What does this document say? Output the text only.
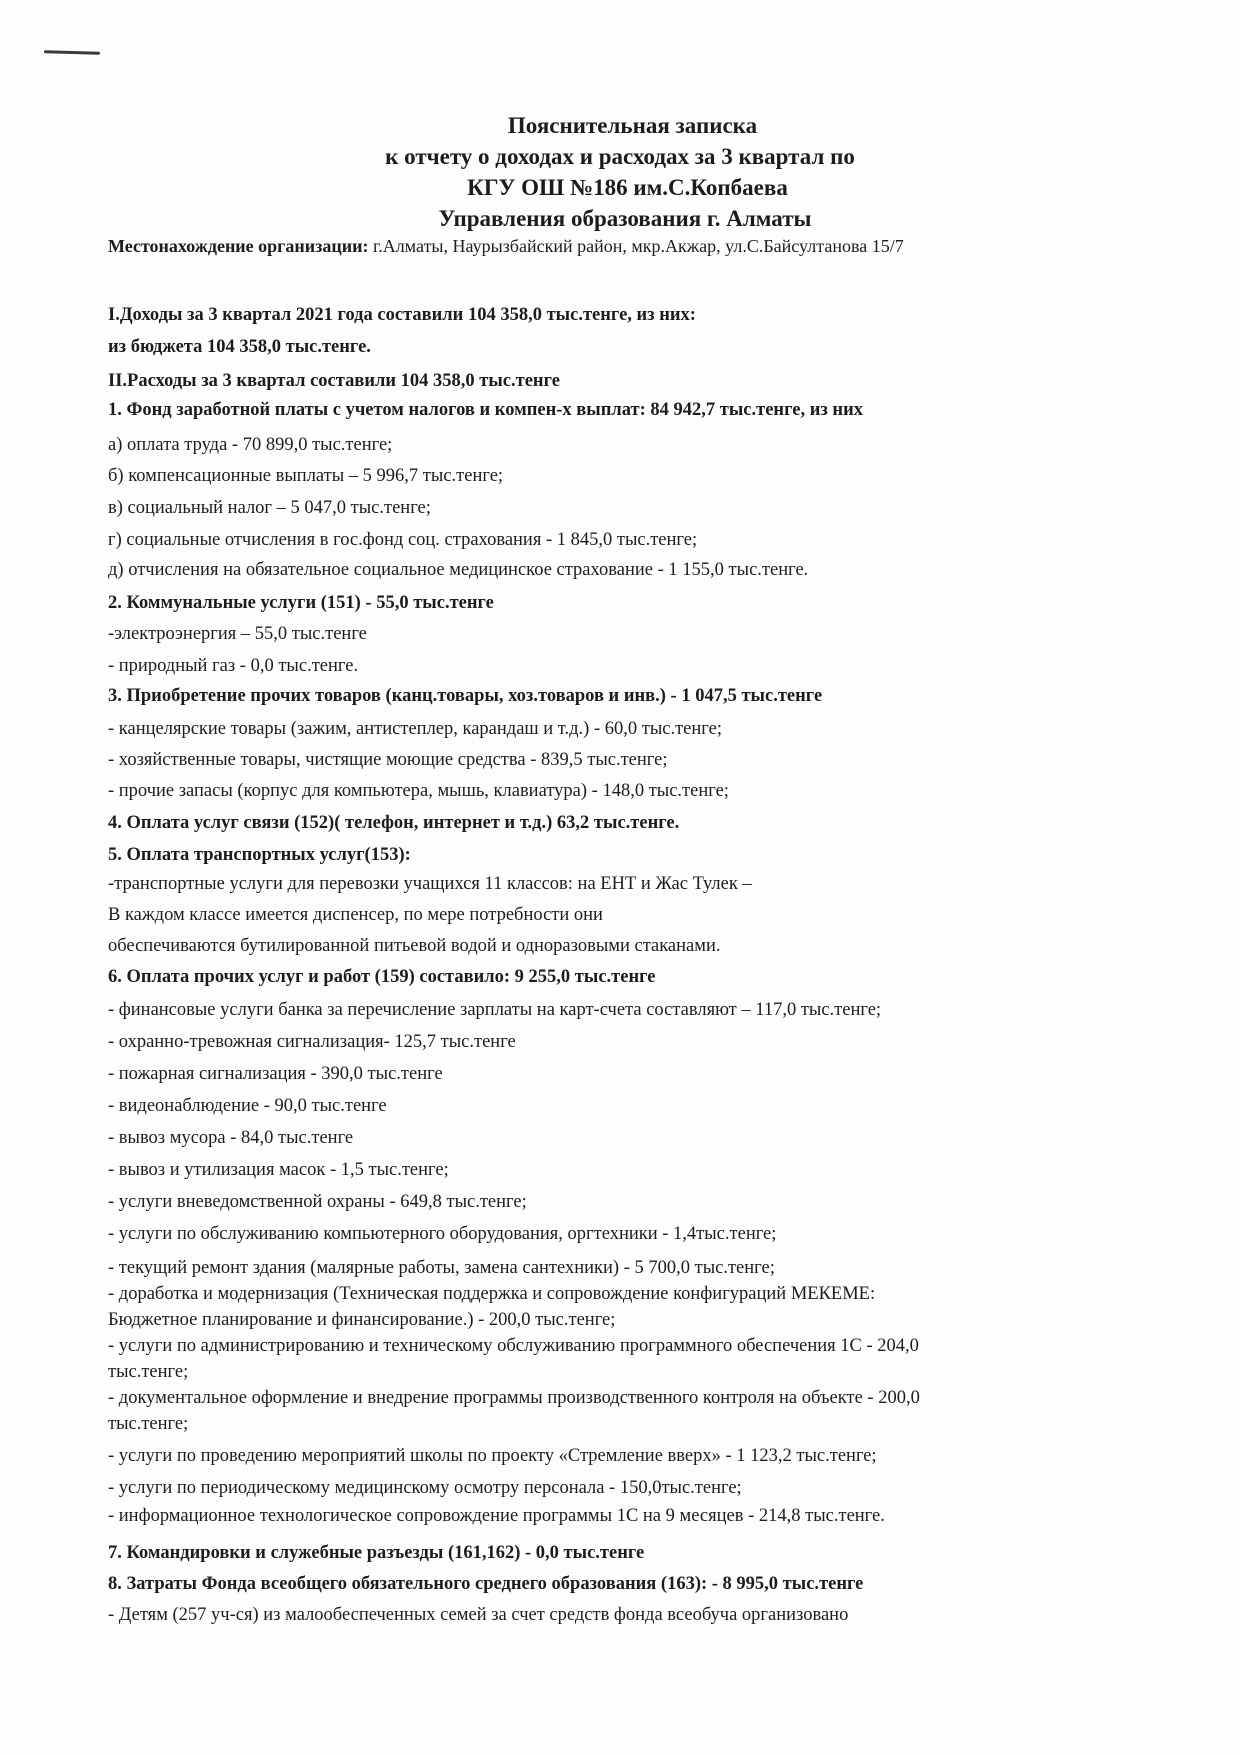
Пояснительная записка
к отчету о доходах и расходах за 3 квартал по
КГУ ОШ №186 им.С.Копбаева
Управления образования г. Алматы
Местонахождение организации: г.Алматы, Наурызбайский район, мкр.Акжар, ул.С.Байсултанова 15/7
I.Доходы за 3 квартал 2021 года составили 104 358,0 тыс.тенге, из них:
из бюджета 104 358,0 тыс.тенге.
II.Расходы за 3 квартал составили 104 358,0 тыс.тенге
1. Фонд заработной платы с учетом налогов и компен-х выплат: 84 942,7 тыс.тенге, из них
а) оплата труда - 70 899,0 тыс.тенге;
б) компенсационные выплаты – 5 996,7 тыс.тенге;
в) социальный налог – 5 047,0 тыс.тенге;
г) социальные отчисления в гос.фонд соц. страхования - 1 845,0 тыс.тенге;
д) отчисления на обязательное социальное медицинское страхование - 1 155,0 тыс.тенге.
2. Коммунальные услуги (151) - 55,0 тыс.тенге
-электроэнергия – 55,0 тыс.тенге
- природный газ - 0,0 тыс.тенге.
3. Приобретение прочих товаров (канц.товары, хоз.товаров и инв.) - 1 047,5 тыс.тенге
- канцелярские товары (зажим, антистеплер, карандаш и т.д.) - 60,0 тыс.тенге;
- хозяйственные товары, чистящие моющие средства - 839,5 тыс.тенге;
- прочие запасы (корпус для компьютера, мышь, клавиатура) - 148,0 тыс.тенге;
4. Оплата услуг связи (152)( телефон, интернет и т.д.) 63,2 тыс.тенге.
5. Оплата транспортных услуг(153):
-транспортные услуги для перевозки учащихся 11 классов: на ЕНТ и Жас Тулек –
В каждом классе имеется диспенсер, по мере потребности они
обеспечиваются бутилированной питьевой водой и одноразовыми стаканами.
6. Оплата прочих услуг и работ (159) составило: 9 255,0 тыс.тенге
- финансовые услуги банка за перечисление зарплаты на карт-счета составляют – 117,0 тыс.тенге;
- охранно-тревожная сигнализация- 125,7 тыс.тенге
- пожарная сигнализация - 390,0 тыс.тенге
- видеонаблюдение - 90,0 тыс.тенге
- вывоз мусора - 84,0 тыс.тенге
- вывоз и утилизация масок - 1,5 тыс.тенге;
- услуги вневедомственной охраны - 649,8 тыс.тенге;
- услуги по обслуживанию компьютерного оборудования, оргтехники - 1,4тыс.тенге;
- текущий ремонт здания (малярные работы, замена сантехники) - 5 700,0 тыс.тенге;
- доработка и модернизация (Техническая поддержка и сопровождение конфигураций МЕКЕМЕ:
Бюджетное планирование и финансирование.) - 200,0 тыс.тенге;
- услуги по администрированию и техническому обслуживанию программного обеспечения 1С - 204,0
тыс.тенге;
- документальное оформление и внедрение программы производственного контроля на объекте - 200,0
тыс.тенге;
- услуги по проведению мероприятий школы по проекту «Стремление вверх» - 1 123,2 тыс.тенге;
- услуги по периодическому медицинскому осмотру персонала - 150,0тыс.тенге;
- информационное технологическое сопровождение программы 1С на 9 месяцев - 214,8 тыс.тенге.
7. Командировки и служебные разъезды (161,162) - 0,0 тыс.тенге
8. Затраты Фонда всеобщего обязательного среднего образования (163): - 8 995,0 тыс.тенге
- Детям (257 уч-ся) из малообеспеченных семей за счет средств фонда всеобуча организовано
